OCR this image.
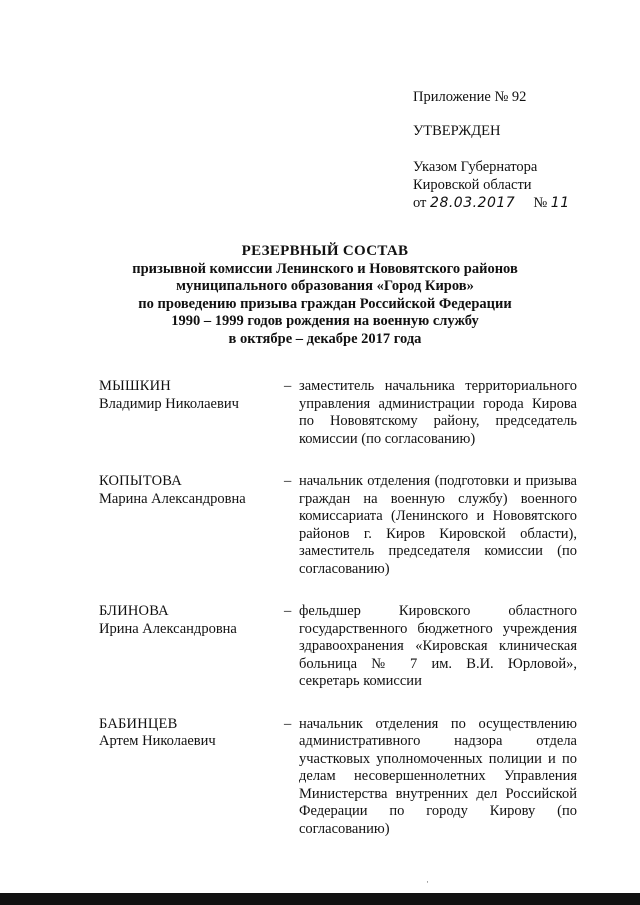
Приложение № 92
УТВЕРЖДЕН
Указом Губернатора
Кировской области
от 28.03.2017 № 11
РЕЗЕРВНЫЙ СОСТАВ
призывной комиссии Ленинского и Нововятского районов
муниципального образования «Город Киров»
по проведению призыва граждан Российской Федерации
1990 – 1999 годов рождения на военную службу
в октябре – декабре 2017 года
МЫШКИН
Владимир Николаевич
– заместитель начальника территориального управления администрации города Кирова по Нововятскому району, председатель комиссии (по согласованию)
КОПЫТОВА
Марина Александровна
– начальник отделения (подготовки и призыва граждан на военную службу) военного комиссариата (Ленинского и Нововятского районов г. Киров Кировской области), заместитель председателя комиссии (по согласованию)
БЛИНОВА
Ирина Александровна
– фельдшер Кировского областного государственного бюджетного учреждения здравоохранения «Кировская клиническая больница № 7 им. В.И. Юрловой», секретарь комиссии
БАБИНЦЕВ
Артем Николаевич
– начальник отделения по осуществлению административного надзора отдела участковых уполномоченных полиции и по делам несовершеннолетних Управления Министерства внутренних дел Российской Федерации по городу Кирову (по согласованию)
·
